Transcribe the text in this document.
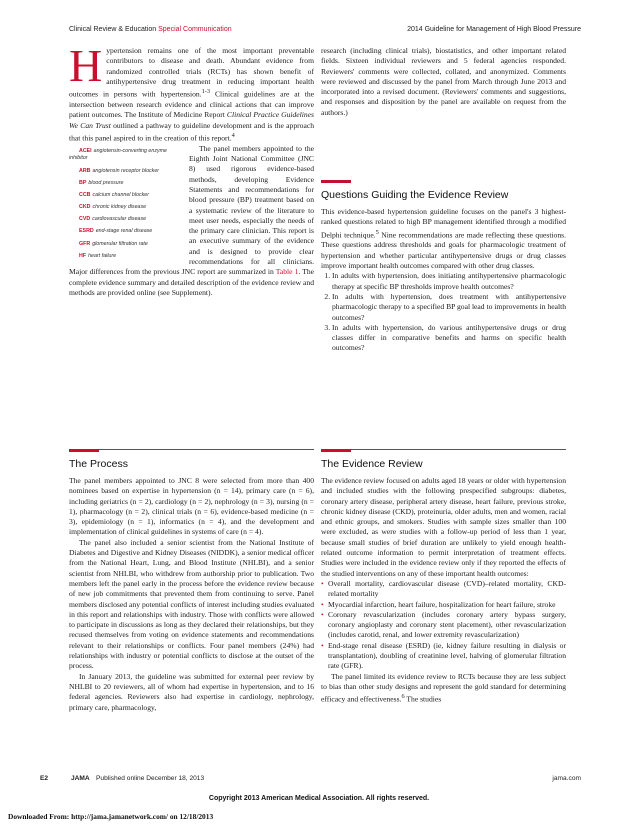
Clinical Review & Education Special Communication	2014 Guideline for Management of High Blood Pressure

Hypertension remains one of the most important preventable contributors to disease and death. Abundant evidence from randomized controlled trials (RCTs) has shown benefit of antihypertensive drug treatment in reducing important health outcomes in persons with hypertension.$^{1-3}$ Clinical guidelines are at the intersection between research evidence and clinical actions that can improve patient outcomes. The Institute of Medicine Report Clinical Practice Guidelines We Can Trust outlined a pathway to guideline development and is the approach that this panel aspired to in the creation of this report.$^4$

ACEI angiotensin-converting enzyme inhibitor
ARB angiotensin receptor blocker
BP blood pressure
CCB calcium channel blocker
CKD chronic kidney disease
CVD cardiovascular disease
ESRD end-stage renal disease
GFR glomerular filtration rate
HF heart failure
The panel members appointed to the Eighth Joint National Committee (JNC 8) used rigorous evidence-based methods, developing Evidence Statements and recommendations for blood pressure (BP) treatment based on a systematic review of the literature to meet user needs, especially the needs of the primary care clinician. This report is an executive summary of the evidence and is designed to provide clear recommendations for all clinicians. Major differences from the previous JNC report are summarized in Table 1. The complete evidence summary and detailed description of the evidence review and methods are provided online (see Supplement).

research (including clinical trials), biostatistics, and other important related fields. Sixteen individual reviewers and 5 federal agencies responded. Reviewers' comments were collected, collated, and anonymized. Comments were reviewed and discussed by the panel from March through June 2013 and incorporated into a revised document. (Reviewers' comments and suggestions, and responses and disposition by the panel are available on request from the authors.)

Questions Guiding the Evidence Review

This evidence-based hypertension guideline focuses on the panel's 3 highest-ranked questions related to high BP management identified through a modified Delphi technique.$^5$ Nine recommendations are made reflecting these questions. These questions address thresholds and goals for pharmacologic treatment of hypertension and whether particular antihypertensive drugs or drug classes improve important health outcomes compared with other drug classes.

1. In adults with hypertension, does initiating antihypertensive pharmacologic therapy at specific BP thresholds improve health outcomes?
2. In adults with hypertension, does treatment with antihypertensive pharmacologic therapy to a specified BP goal lead to improvements in health outcomes?
3. In adults with hypertension, do various antihypertensive drugs or drug classes differ in comparative benefits and harms on specific health outcomes?
The Process

The panel members appointed to JNC 8 were selected from more than 400 nominees based on expertise in hypertension (n = 14), primary care (n = 6), including geriatrics (n = 2), cardiology (n = 2), nephrology (n = 3), nursing (n = 1), pharmacology (n = 2), clinical trials (n = 6), evidence-based medicine (n = 3), epidemiology (n = 1), informatics (n = 4), and the development and implementation of clinical guidelines in systems of care (n = 4).

The panel also included a senior scientist from the National Institute of Diabetes and Digestive and Kidney Diseases (NIDDK), a senior medical officer from the National Heart, Lung, and Blood Institute (NHLBI), and a senior scientist from NHLBI, who withdrew from authorship prior to publication. Two members left the panel early in the process before the evidence review because of new job commitments that prevented them from continuing to serve. Panel members disclosed any potential conflicts of interest including studies evaluated in this report and relationships with industry. Those with conflicts were allowed to participate in discussions as long as they declared their relationships, but they recused themselves from voting on evidence statements and recommendations relevant to their relationships or conflicts. Four panel members (24%) had relationships with industry or potential conflicts to disclose at the outset of the process.

In January 2013, the guideline was submitted for external peer review by NHLBI to 20 reviewers, all of whom had expertise in hypertension, and to 16 federal agencies. Reviewers also had expertise in cardiology, nephrology, primary care, pharmacology,

The Evidence Review

The evidence review focused on adults aged 18 years or older with hypertension and included studies with the following prespecified subgroups: diabetes, coronary artery disease, peripheral artery disease, heart failure, previous stroke, chronic kidney disease (CKD), proteinuria, older adults, men and women, racial and ethnic groups, and smokers. Studies with sample sizes smaller than 100 were excluded, as were studies with a follow-up period of less than 1 year, because small studies of brief duration are unlikely to yield enough health-related outcome information to permit interpretation of treatment effects. Studies were included in the evidence review only if they reported the effects of the studied interventions on any of these important health outcomes:

• Overall mortality, cardiovascular disease (CVD)–related mortality, CKD-related mortality
• Myocardial infarction, heart failure, hospitalization for heart failure, stroke
• Coronary revascularization (includes coronary artery bypass surgery, coronary angioplasty and coronary stent placement), other revascularization (includes carotid, renal, and lower extremity revascularization)
• End-stage renal disease (ESRD) (ie, kidney failure resulting in dialysis or transplantation), doubling of creatinine level, halving of glomerular filtration rate (GFR).

The panel limited its evidence review to RCTs because they are less subject to bias than other study designs and represent the gold standard for determining efficacy and effectiveness.$^6$ The studies

E2	JAMA Published online December 18, 2013	jama.com
Copyright 2013 American Medical Association. All rights reserved.
Downloaded From: http://jama.jamanetwork.com/ on 12/18/2013
